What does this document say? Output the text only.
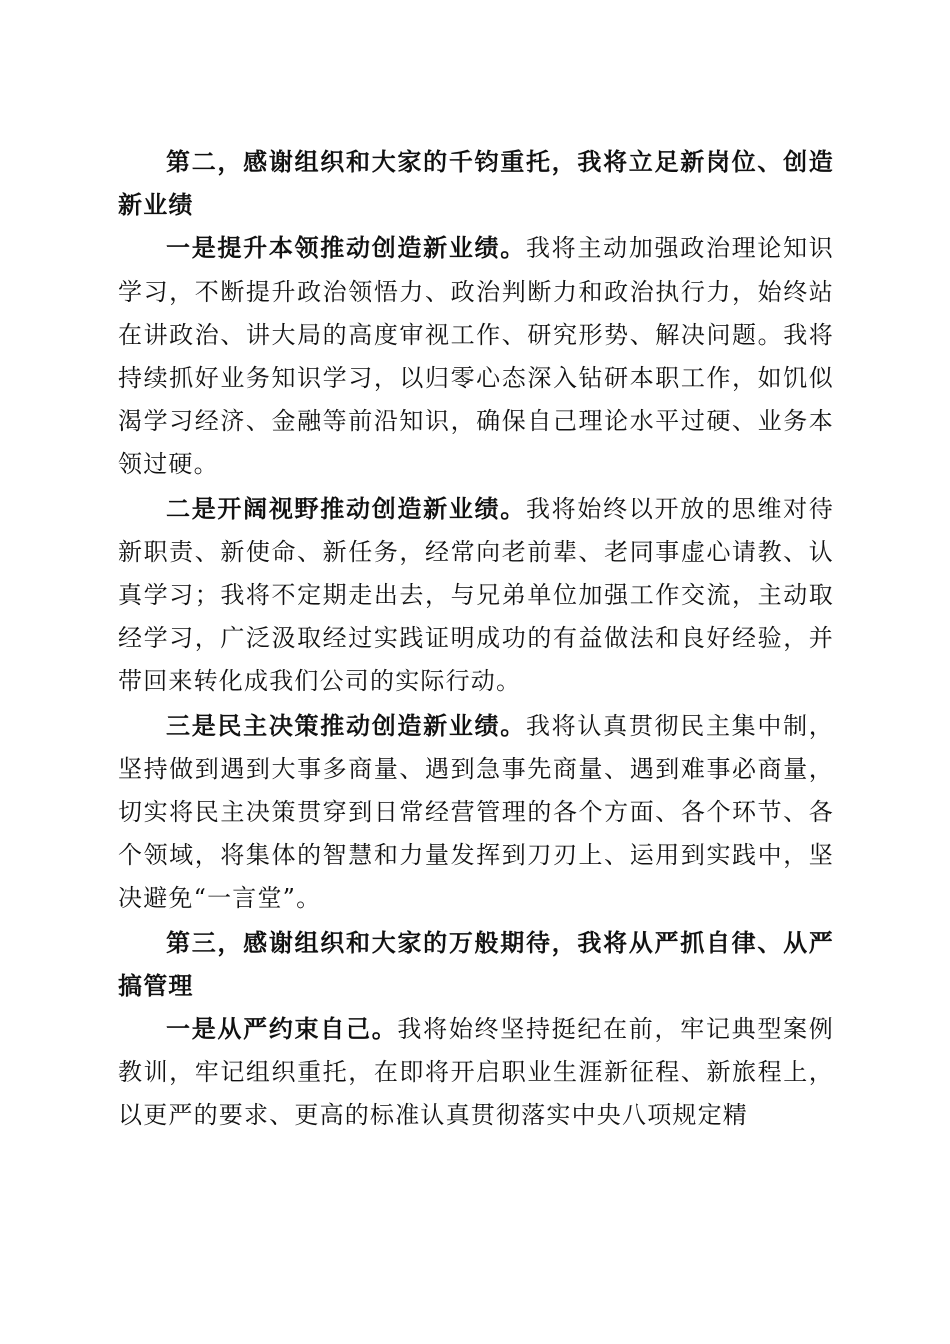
第二，感谢组织和大家的千钧重托，我将立足新岗位、创造新业绩

一是提升本领推动创造新业绩。我将主动加强政治理论知识学习，不断提升政治领悟力、政治判断力和政治执行力，始终站在讲政治、讲大局的高度审视工作、研究形势、解决问题。我将持续抓好业务知识学习，以归零心态深入钻研本职工作，如饥似渴学习经济、金融等前沿知识，确保自己理论水平过硬、业务本领过硬。

二是开阔视野推动创造新业绩。我将始终以开放的思维对待新职责、新使命、新任务，经常向老前辈、老同事虚心请教、认真学习；我将不定期走出去，与兄弟单位加强工作交流，主动取经学习，广泛汲取经过实践证明成功的有益做法和良好经验，并带回来转化成我们公司的实际行动。

三是民主决策推动创造新业绩。我将认真贯彻民主集中制，坚持做到遇到大事多商量、遇到急事先商量、遇到难事必商量，切实将民主决策贯穿到日常经营管理的各个方面、各个环节、各个领域，将集体的智慧和力量发挥到刀刃上、运用到实践中，坚决避免“一言堂”。

第三，感谢组织和大家的万般期待，我将从严抓自律、从严搞管理

一是从严约束自己。我将始终坚持挺纪在前，牢记典型案例教训，牢记组织重托，在即将开启职业生涯新征程、新旅程上，以更严的要求、更高的标准认真贯彻落实中央八项规定精
